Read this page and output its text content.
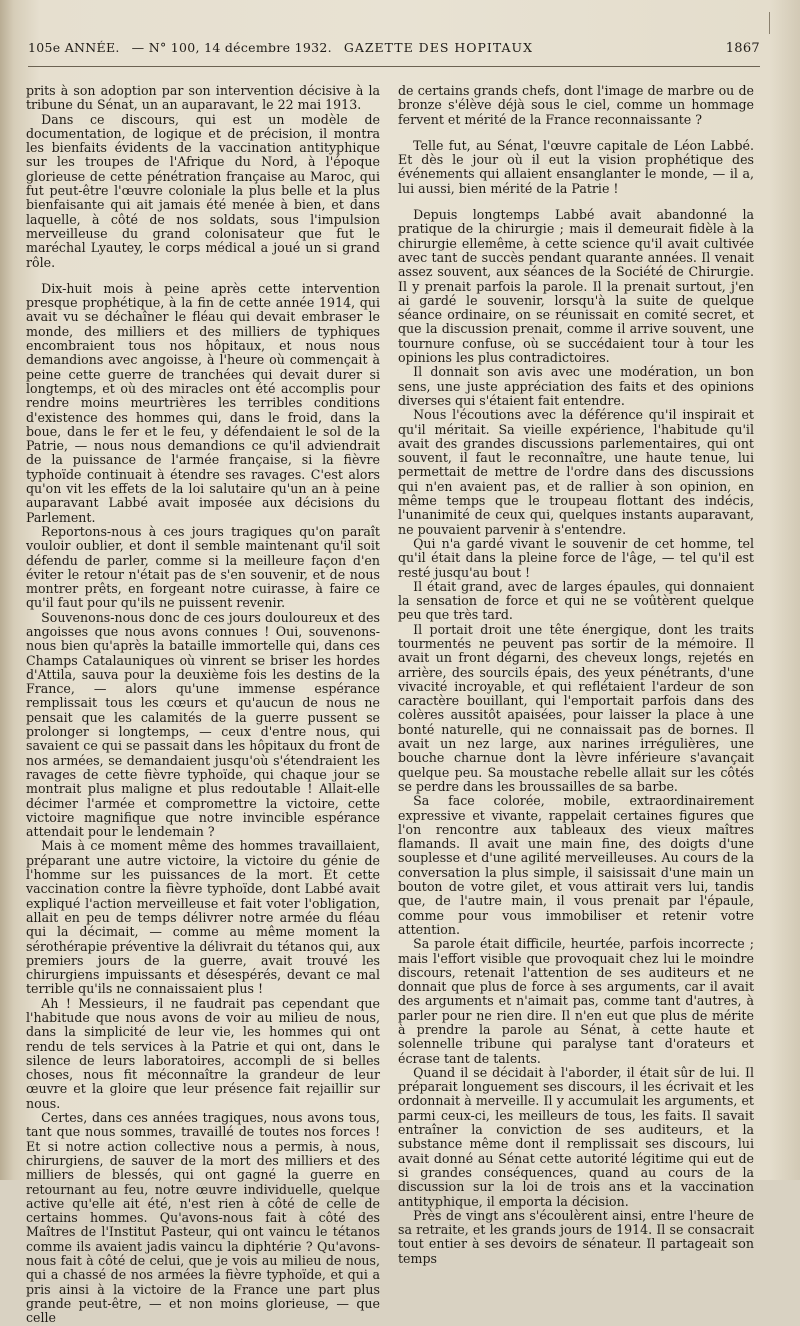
105e ANNÉE. — N° 100, 14 décembre 1932. GAZETTE DES HOPITAUX	1867

prits à son adoption par son intervention décisive à la tribune du Sénat, un an auparavant, le 22 mai 1913.

Dans ce discours, qui est un modèle de documentation, de logique et de précision, il montra les bienfaits évidents de la vaccination antityphique sur les troupes de l'Afrique du Nord, à l'époque glorieuse de cette pénétration française au Maroc, qui fut peut-être l'œuvre coloniale la plus belle et la plus bienfaisante qui ait jamais été menée à bien, et dans laquelle, à côté de nos soldats, sous l'impulsion merveilleuse du grand colonisateur que fut le maréchal Lyautey, le corps médical a joué un si grand rôle.

Dix-huit mois à peine après cette intervention presque prophétique, à la fin de cette année 1914, qui avait vu se déchaîner le fléau qui devait embraser le monde, des milliers et des milliers de typhiques encombraient tous nos hôpitaux, et nous nous demandions avec angoisse, à l'heure où commençait à peine cette guerre de tranchées qui devait durer si longtemps, et où des miracles ont été accomplis pour rendre moins meurtrières les terribles conditions d'existence des hommes qui, dans le froid, dans la boue, dans le fer et le feu, y défendaient le sol de la Patrie, — nous nous demandions ce qu'il adviendrait de la puissance de l'armée française, si la fièvre typhoïde continuait à étendre ses ravages. C'est alors qu'on vit les effets de la loi salutaire qu'un an à peine auparavant Labbé avait imposée aux décisions du Parlement.

Reportons-nous à ces jours tragiques qu'on paraît vouloir oublier, et dont il semble maintenant qu'il soit défendu de parler, comme si la meilleure façon d'en éviter le retour n'était pas de s'en souvenir, et de nous montrer prêts, en forgeant notre cuirasse, à faire ce qu'il faut pour qu'ils ne puissent revenir.

Souvenons-nous donc de ces jours douloureux et des angoisses que nous avons connues ! Oui, souvenons-nous bien qu'après la bataille immortelle qui, dans ces Champs Catalauniques où vinrent se briser les hordes d'Attila, sauva pour la deuxième fois les destins de la France, — alors qu'une immense espérance remplissait tous les cœurs et qu'aucun de nous ne pensait que les calamités de la guerre pussent se prolonger si longtemps, — ceux d'entre nous, qui savaient ce qui se passait dans les hôpitaux du front de nos armées, se demandaient jusqu'où s'étendraient les ravages de cette fièvre typhoïde, qui chaque jour se montrait plus maligne et plus redoutable ! Allait-elle décimer l'armée et compromettre la victoire, cette victoire magnifique que notre invincible espérance attendait pour le lendemain ?

Mais à ce moment même des hommes travaillaient, préparant une autre victoire, la victoire du génie de l'homme sur les puissances de la mort. Et cette vaccination contre la fièvre typhoïde, dont Labbé avait expliqué l'action merveilleuse et fait voter l'obligation, allait en peu de temps délivrer notre armée du fléau qui la décimait, — comme au même moment la sérothérapie préventive la délivrait du tétanos qui, aux premiers jours de la guerre, avait trouvé les chirurgiens impuissants et désespérés, devant ce mal terrible qu'ils ne connaissaient plus !

Ah ! Messieurs, il ne faudrait pas cependant que l'habitude que nous avons de voir au milieu de nous, dans la simplicité de leur vie, les hommes qui ont rendu de tels services à la Patrie et qui ont, dans le silence de leurs laboratoires, accompli de si belles choses, nous fit méconnaître la grandeur de leur œuvre et la gloire que leur présence fait rejaillir sur nous.

Certes, dans ces années tragiques, nous avons tous, tant que nous sommes, travaillé de toutes nos forces ! Et si notre action collective nous a permis, à nous, chirurgiens, de sauver de la mort des milliers et des milliers de blessés, qui ont gagné la guerre en retournant au feu, notre œuvre individuelle, quelque active qu'elle ait été, n'est rien à côté de celle de certains hommes. Qu'avons-nous fait à côté des Maîtres de l'Institut Pasteur, qui ont vaincu le tétanos comme ils avaient jadis vaincu la diphtérie ? Qu'avons-nous fait à côté de celui, que je vois au milieu de nous, qui a chassé de nos armées la fièvre typhoïde, et qui a pris ainsi à la victoire de la France une part plus grande peut-être, — et non moins glorieuse, — que celle

de certains grands chefs, dont l'image de marbre ou de bronze s'élève déjà sous le ciel, comme un hommage fervent et mérité de la France reconnaissante ?

Telle fut, au Sénat, l'œuvre capitale de Léon Labbé. Et dès le jour où il eut la vision prophétique des événements qui allaient ensanglanter le monde, — il a, lui aussi, bien mérité de la Patrie !

Depuis longtemps Labbé avait abandonné la pratique de la chirurgie ; mais il demeurait fidèle à la chirurgie ellemême, à cette science qu'il avait cultivée avec tant de succès pendant quarante années. Il venait assez souvent, aux séances de la Société de Chirurgie. Il y prenait parfois la parole. Il la prenait surtout, j'en ai gardé le souvenir, lorsqu'à la suite de quelque séance ordinaire, on se réunissait en comité secret, et que la discussion prenait, comme il arrive souvent, une tournure confuse, où se succédaient tour à tour les opinions les plus contradictoires.

Il donnait son avis avec une modération, un bon sens, une juste appréciation des faits et des opinions diverses qui s'étaient fait entendre.

Nous l'écoutions avec la déférence qu'il inspirait et qu'il méritait. Sa vieille expérience, l'habitude qu'il avait des grandes discussions parlementaires, qui ont souvent, il faut le reconnaître, une haute tenue, lui permettait de mettre de l'ordre dans des discussions qui n'en avaient pas, et de rallier à son opinion, en même temps que le troupeau flottant des indécis, l'unanimité de ceux qui, quelques instants auparavant, ne pouvaient parvenir à s'entendre.

Qui n'a gardé vivant le souvenir de cet homme, tel qu'il était dans la pleine force de l'âge, — tel qu'il est resté jusqu'au bout !

Il était grand, avec de larges épaules, qui donnaient la sensation de force et qui ne se voûtèrent quelque peu que très tard.

Il portait droit une tête énergique, dont les traits tourmentés ne peuvent pas sortir de la mémoire. Il avait un front dégarni, des cheveux longs, rejetés en arrière, des sourcils épais, des yeux pénétrants, d'une vivacité incroyable, et qui reflétaient l'ardeur de son caractère bouillant, qui l'emportait parfois dans des colères aussitôt apaisées, pour laisser la place à une bonté naturelle, qui ne connaissait pas de bornes. Il avait un nez large, aux narines irrégulières, une bouche charnue dont la lèvre inférieure s'avançait quelque peu. Sa moustache rebelle allait sur les côtés se perdre dans les broussailles de sa barbe.

Sa face colorée, mobile, extraordinairement expressive et vivante, rappelait certaines figures que l'on rencontre aux tableaux des vieux maîtres flamands. Il avait une main fine, des doigts d'une souplesse et d'une agilité merveilleuses. Au cours de la conversation la plus simple, il saisissait d'une main un bouton de votre gilet, et vous attirait vers lui, tandis que, de l'autre main, il vous prenait par l'épaule, comme pour vous immobiliser et retenir votre attention.

Sa parole était difficile, heurtée, parfois incorrecte ; mais l'effort visible que provoquait chez lui le moindre discours, retenait l'attention de ses auditeurs et ne donnait que plus de force à ses arguments, car il avait des arguments et n'aimait pas, comme tant d'autres, à parler pour ne rien dire. Il n'en eut que plus de mérite à prendre la parole au Sénat, à cette haute et solennelle tribune qui paralyse tant d'orateurs et écrase tant de talents.

Quand il se décidait à l'aborder, il était sûr de lui. Il préparait longuement ses discours, il les écrivait et les ordonnait à merveille. Il y accumulait les arguments, et parmi ceux-ci, les meilleurs de tous, les faits. Il savait entraîner la conviction de ses auditeurs, et la substance même dont il remplissait ses discours, lui avait donné au Sénat cette autorité légitime qui eut de si grandes conséquences, quand au cours de la discussion sur la loi de trois ans et la vaccination antityphique, il emporta la décision.

Près de vingt ans s'écoulèrent ainsi, entre l'heure de sa retraite, et les grands jours de 1914. Il se consacrait tout entier à ses devoirs de sénateur. Il partageait son temps
